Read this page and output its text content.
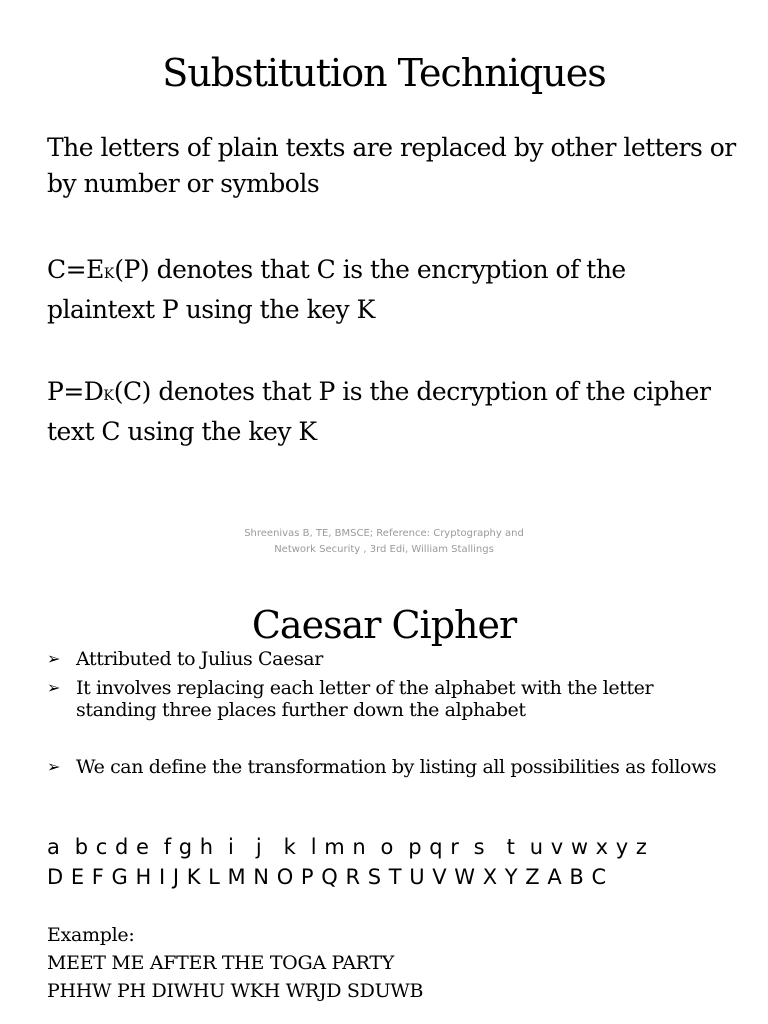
Substitution Techniques
The letters of plain texts are replaced by other letters or by number or symbols
C=EK(P) denotes that C is the encryption of the plaintext P using the key K
P=DK(C) denotes that P is the decryption of the cipher text C using the key K
Shreenivas B, TE, BMSCE; Reference: Cryptography and Network Security , 3rd Edi, William Stallings
Caesar Cipher
➢ Attributed to Julius Caesar
➢ It involves replacing each letter of the alphabet with the letter standing three places further down the alphabet
➢ We can define the transformation by listing all possibilities as follows
a  b c d e  f g h  i   j   k  l m n  o  p q r  s   t  u v w x y z
D E F G H I J K L M N O P Q R S T U V W X Y Z A B C
Example:
MEET ME AFTER THE TOGA PARTY
PHHW PH DIWHU WKH WRJD SDUWB
